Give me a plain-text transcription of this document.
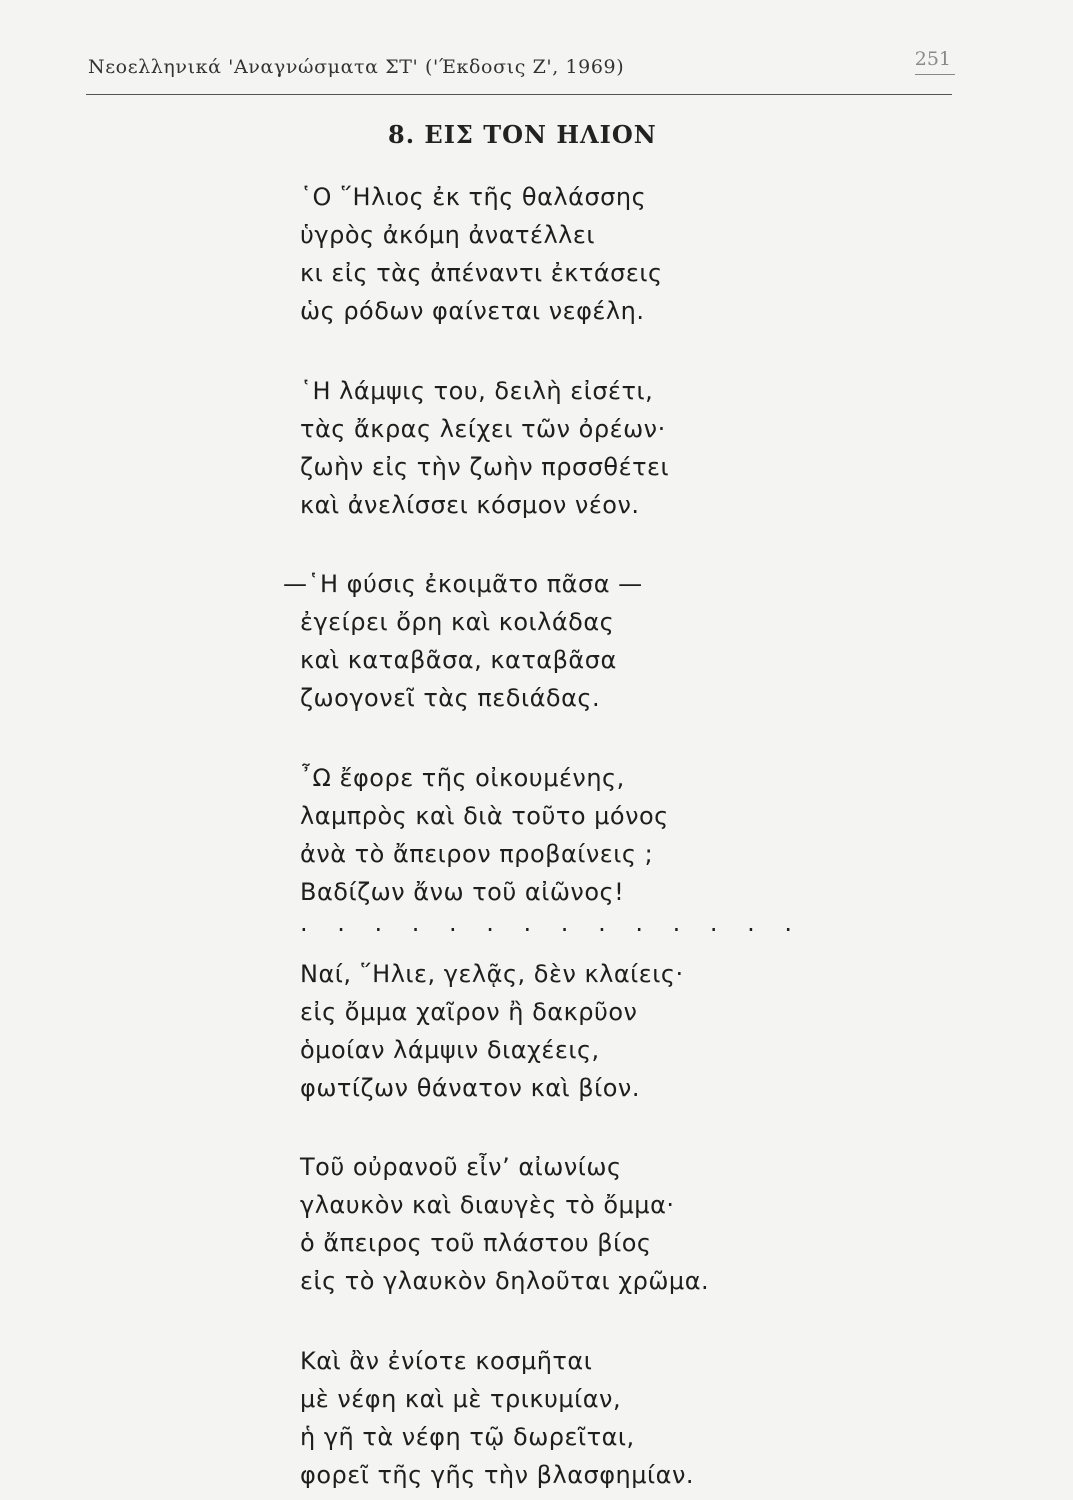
Νεοελληνικά 'Αναγνώσματα ΣΤ' ('Έκδοσις Ζ', 1969)	251
8. ΕΙΣ ΤΟΝ ΗΛΙΟΝ
῾Ο ῞Ηλιος ἐκ τῆς θαλάσσης
ὑγρὸς ἀκόμη ἀνατέλλει
κι εἰς τὰς ἀπέναντι ἐκτάσεις
ὡς ρόδων φαίνεται νεφέλη.
῾Η λάμψις του, δειλὴ εἰσέτι,
τὰς ἄκρας λείχει τῶν ὀρέων·
ζωὴν εἰς τὴν ζωὴν πρσσθέτει
καὶ ἀνελίσσει κόσμον νέον.
—῾Η φύσις ἐκοιμᾶτο πᾶσα —
ἐγείρει ὄρη καὶ κοιλάδας
καὶ καταβᾶσα, καταβᾶσα
ζωογονεῖ τὰς πεδιάδας.
῏Ω ἔφορε τῆς οἰκουμένης,
λαμπρὸς καὶ διὰ τοῦτο μόνος
ἀνὰ τὸ ἄπειρον προβαίνεις ;
Βαδίζων ἄνω τοῦ αἰῶνος!
. . . . . . . . . . . . . .
Ναί, ῞Ηλιε, γελᾷς, δὲν κλαίεις·
εἰς ὄμμα χαῖρον ἢ δακρῦον
ὁμοίαν λάμψιν διαχέεις,
φωτίζων θάνατον καὶ βίον.
Τοῦ οὐρανοῦ εἶν’ αἰωνίως
γλαυκὸν καὶ διαυγὲς τὸ ὄμμα·
ὁ ἄπειρος τοῦ πλάστου βίος
εἰς τὸ γλαυκὸν δηλοῦται χρῶμα.
Καὶ ἂν ἐνίοτε κοσμῆται
μὲ νέφη καὶ μὲ τρικυμίαν,
ἡ γῆ τὰ νέφη τῷ δωρεῖται,
φορεῖ τῆς γῆς τὴν βλασφημίαν.
